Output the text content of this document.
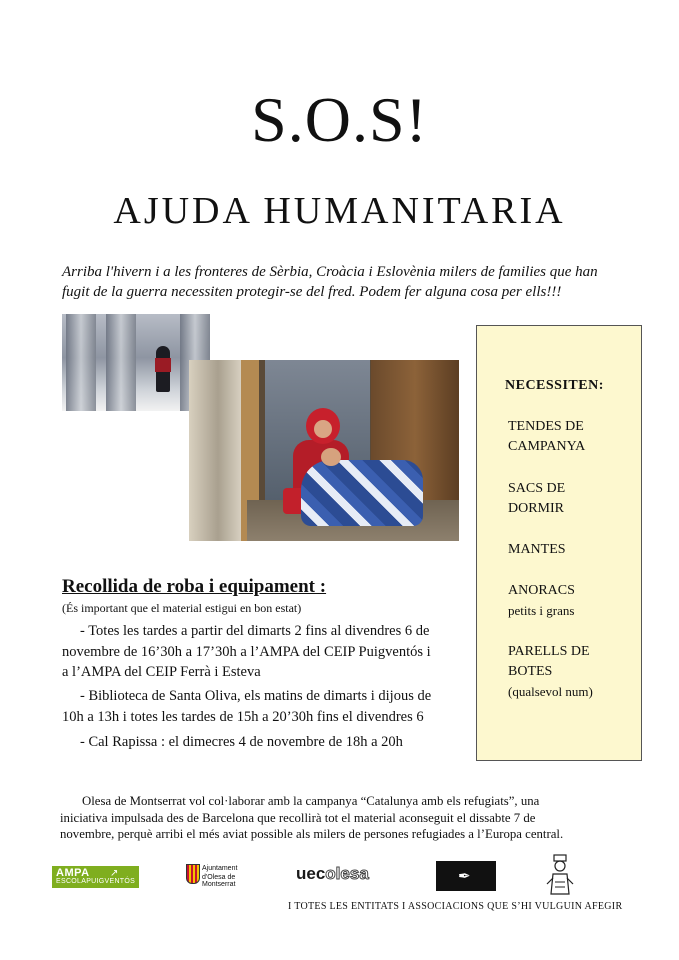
S.O.S!
AJUDA HUMANITARIA
Arriba l'hivern i a les fronteres de Sèrbia, Croàcia i Eslovènia milers de families que han
fugit de la guerra necessiten protegir-se del fred. Podem fer alguna cosa per ells!!!
NECESSITEN:
TENDES DE
CAMPANYA
SACS DE
DORMIR
MANTES
ANORACS
petits i grans
PARELLS DE
BOTES
(qualsevol num)
Recollida de roba i equipament :
(És important que el material estigui en bon estat)
- Totes les tardes a partir del dimarts 2 fins al divendres 6 de
novembre de 16’30h a 17’30h a l’AMPA del CEIP Puigventós i
a l’AMPA del CEIP Ferrà i Esteva
- Biblioteca de Santa Oliva, els matins de dimarts i dijous de
10h a 13h i totes les tardes de 15h a 20’30h fins el divendres 6
- Cal Rapissa : el dimecres 4 de novembre de 18h a 20h
Olesa de Montserrat vol col·laborar amb la campanya “Catalunya amb els refugiats”, una
iniciativa impulsada des de Barcelona que recollirà tot el material aconseguit el dissabte 7 de
novembre, perquè arribi el més aviat possible als milers de persones refugiades a l’Europa central.
AMPA ↗
ESCOLAPUIGVENTÓS
Ajuntament
d'Olesa de Montserrat
uecolesa	✒
I TOTES LES ENTITATS I ASSOCIACIONS QUE S’HI VULGUIN AFEGIR
